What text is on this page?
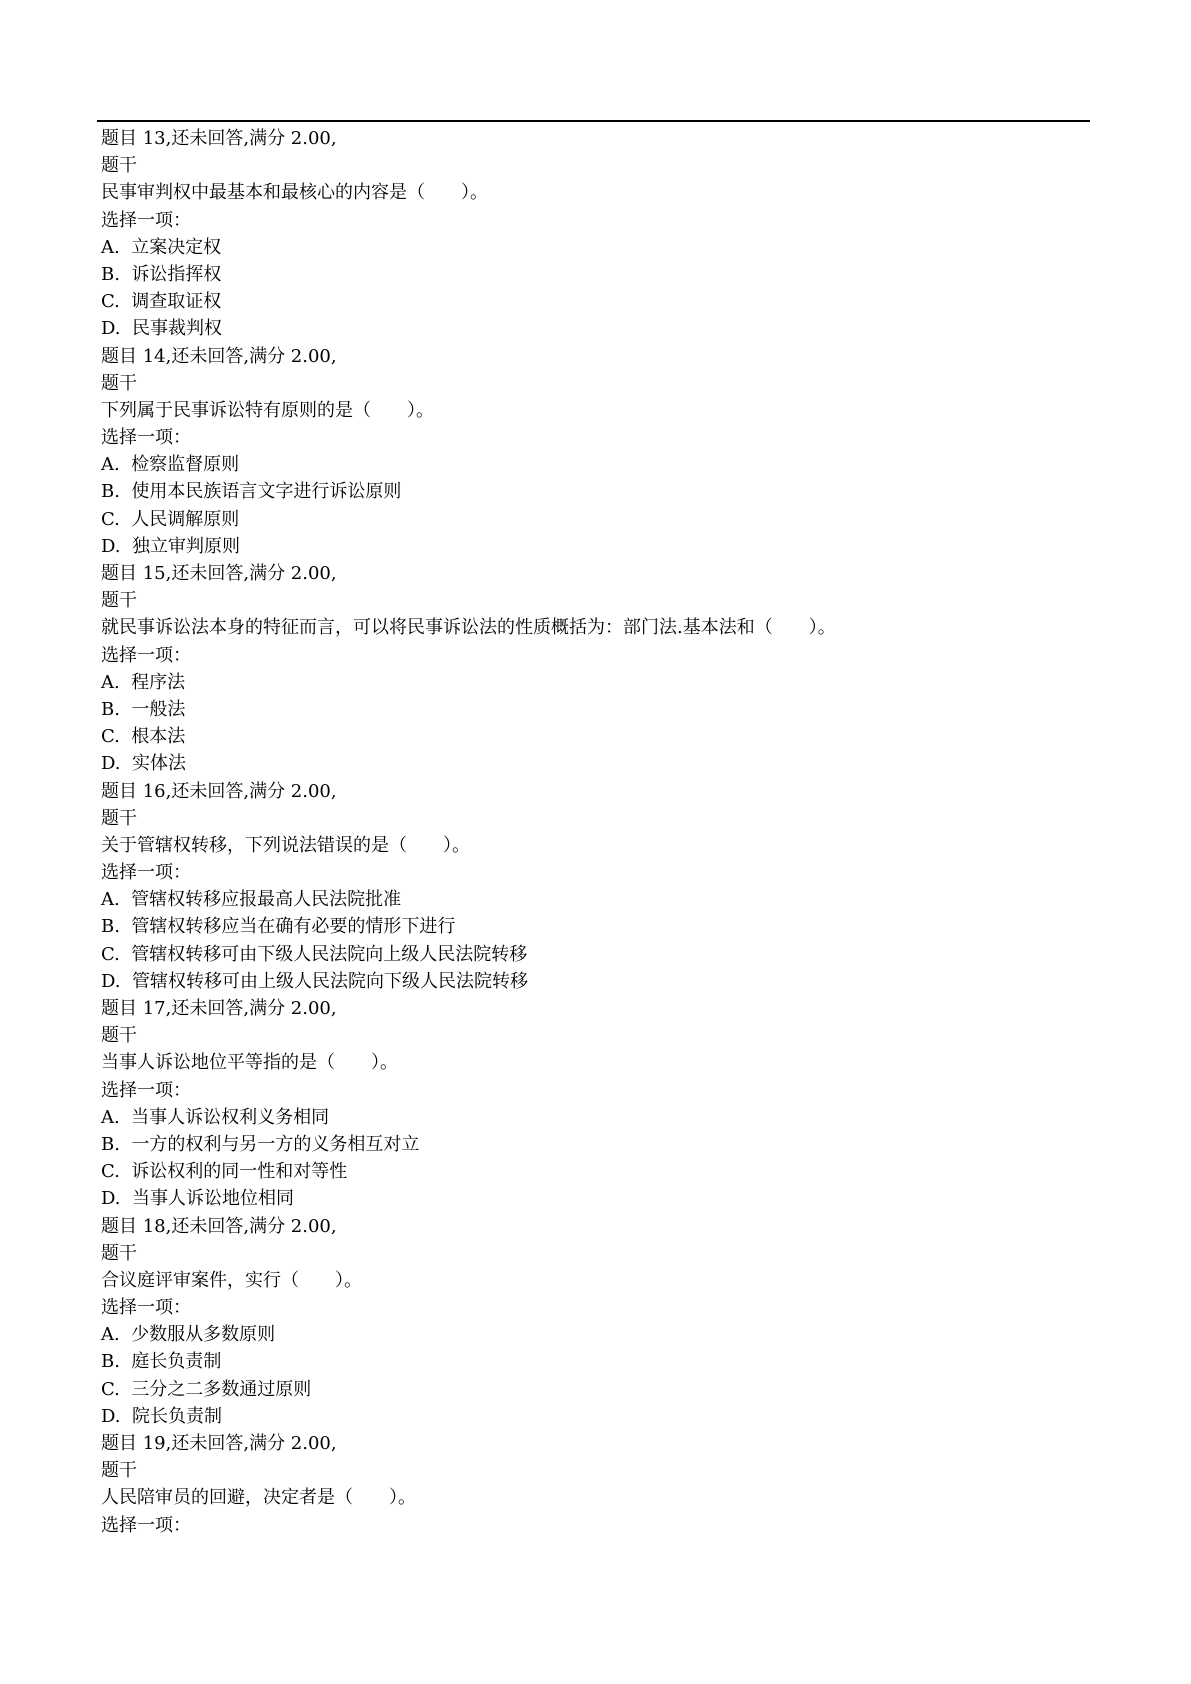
题目 13,还未回答,满分 2.00,
题干
民事审判权中最基本和最核心的内容是（　　）。
选择一项：
A.  立案决定权
B.  诉讼指挥权
C.  调查取证权
D.  民事裁判权
题目 14,还未回答,满分 2.00,
题干
下列属于民事诉讼特有原则的是（　　）。
选择一项：
A.  检察监督原则
B.  使用本民族语言文字进行诉讼原则
C.  人民调解原则
D.  独立审判原则
题目 15,还未回答,满分 2.00,
题干
就民事诉讼法本身的特征而言，可以将民事诉讼法的性质概括为：部门法.基本法和（　　）。
选择一项：
A.  程序法
B.  一般法
C.  根本法
D.  实体法
题目 16,还未回答,满分 2.00,
题干
关于管辖权转移，下列说法错误的是（　　）。
选择一项：
A.  管辖权转移应报最高人民法院批准
B.  管辖权转移应当在确有必要的情形下进行
C.  管辖权转移可由下级人民法院向上级人民法院转移
D.  管辖权转移可由上级人民法院向下级人民法院转移
题目 17,还未回答,满分 2.00,
题干
当事人诉讼地位平等指的是（　　）。
选择一项：
A.  当事人诉讼权利义务相同
B.  一方的权利与另一方的义务相互对立
C.  诉讼权利的同一性和对等性
D.  当事人诉讼地位相同
题目 18,还未回答,满分 2.00,
题干
合议庭评审案件，实行（　　）。
选择一项：
A.  少数服从多数原则
B.  庭长负责制
C.  三分之二多数通过原则
D.  院长负责制
题目 19,还未回答,满分 2.00,
题干
人民陪审员的回避，决定者是（　　）。
选择一项：
